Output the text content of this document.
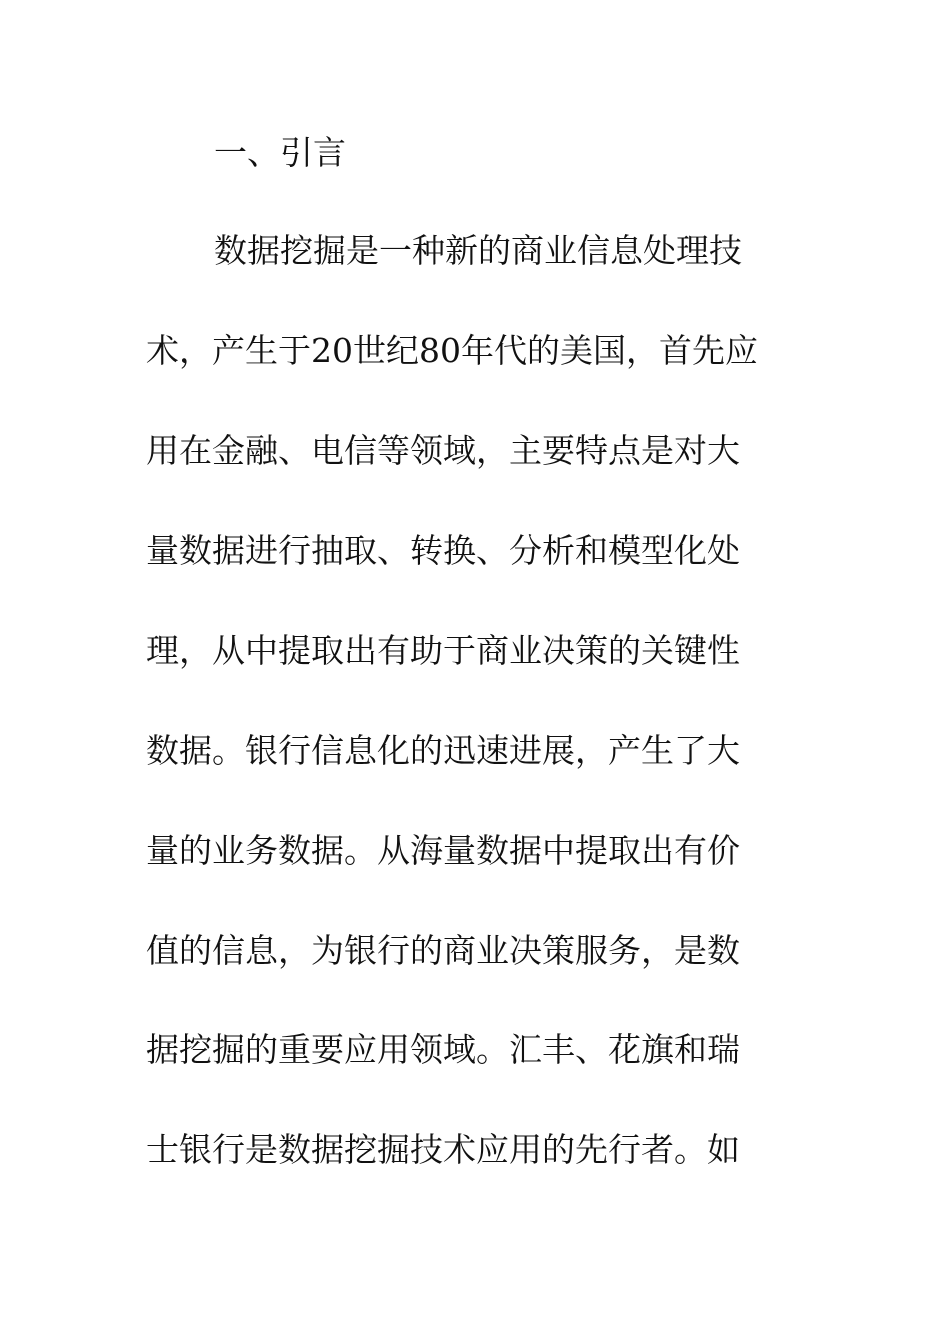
一、引言
数据挖掘是一种新的商业信息处理技
术，产生于20世纪80年代的美国，首先应
用在金融、电信等领域，主要特点是对大
量数据进行抽取、转换、分析和模型化处
理，从中提取出有助于商业决策的关键性
数据。银行信息化的迅速进展，产生了大
量的业务数据。从海量数据中提取出有价
值的信息，为银行的商业决策服务，是数
据挖掘的重要应用领域。汇丰、花旗和瑞
士银行是数据挖掘技术应用的先行者。如
